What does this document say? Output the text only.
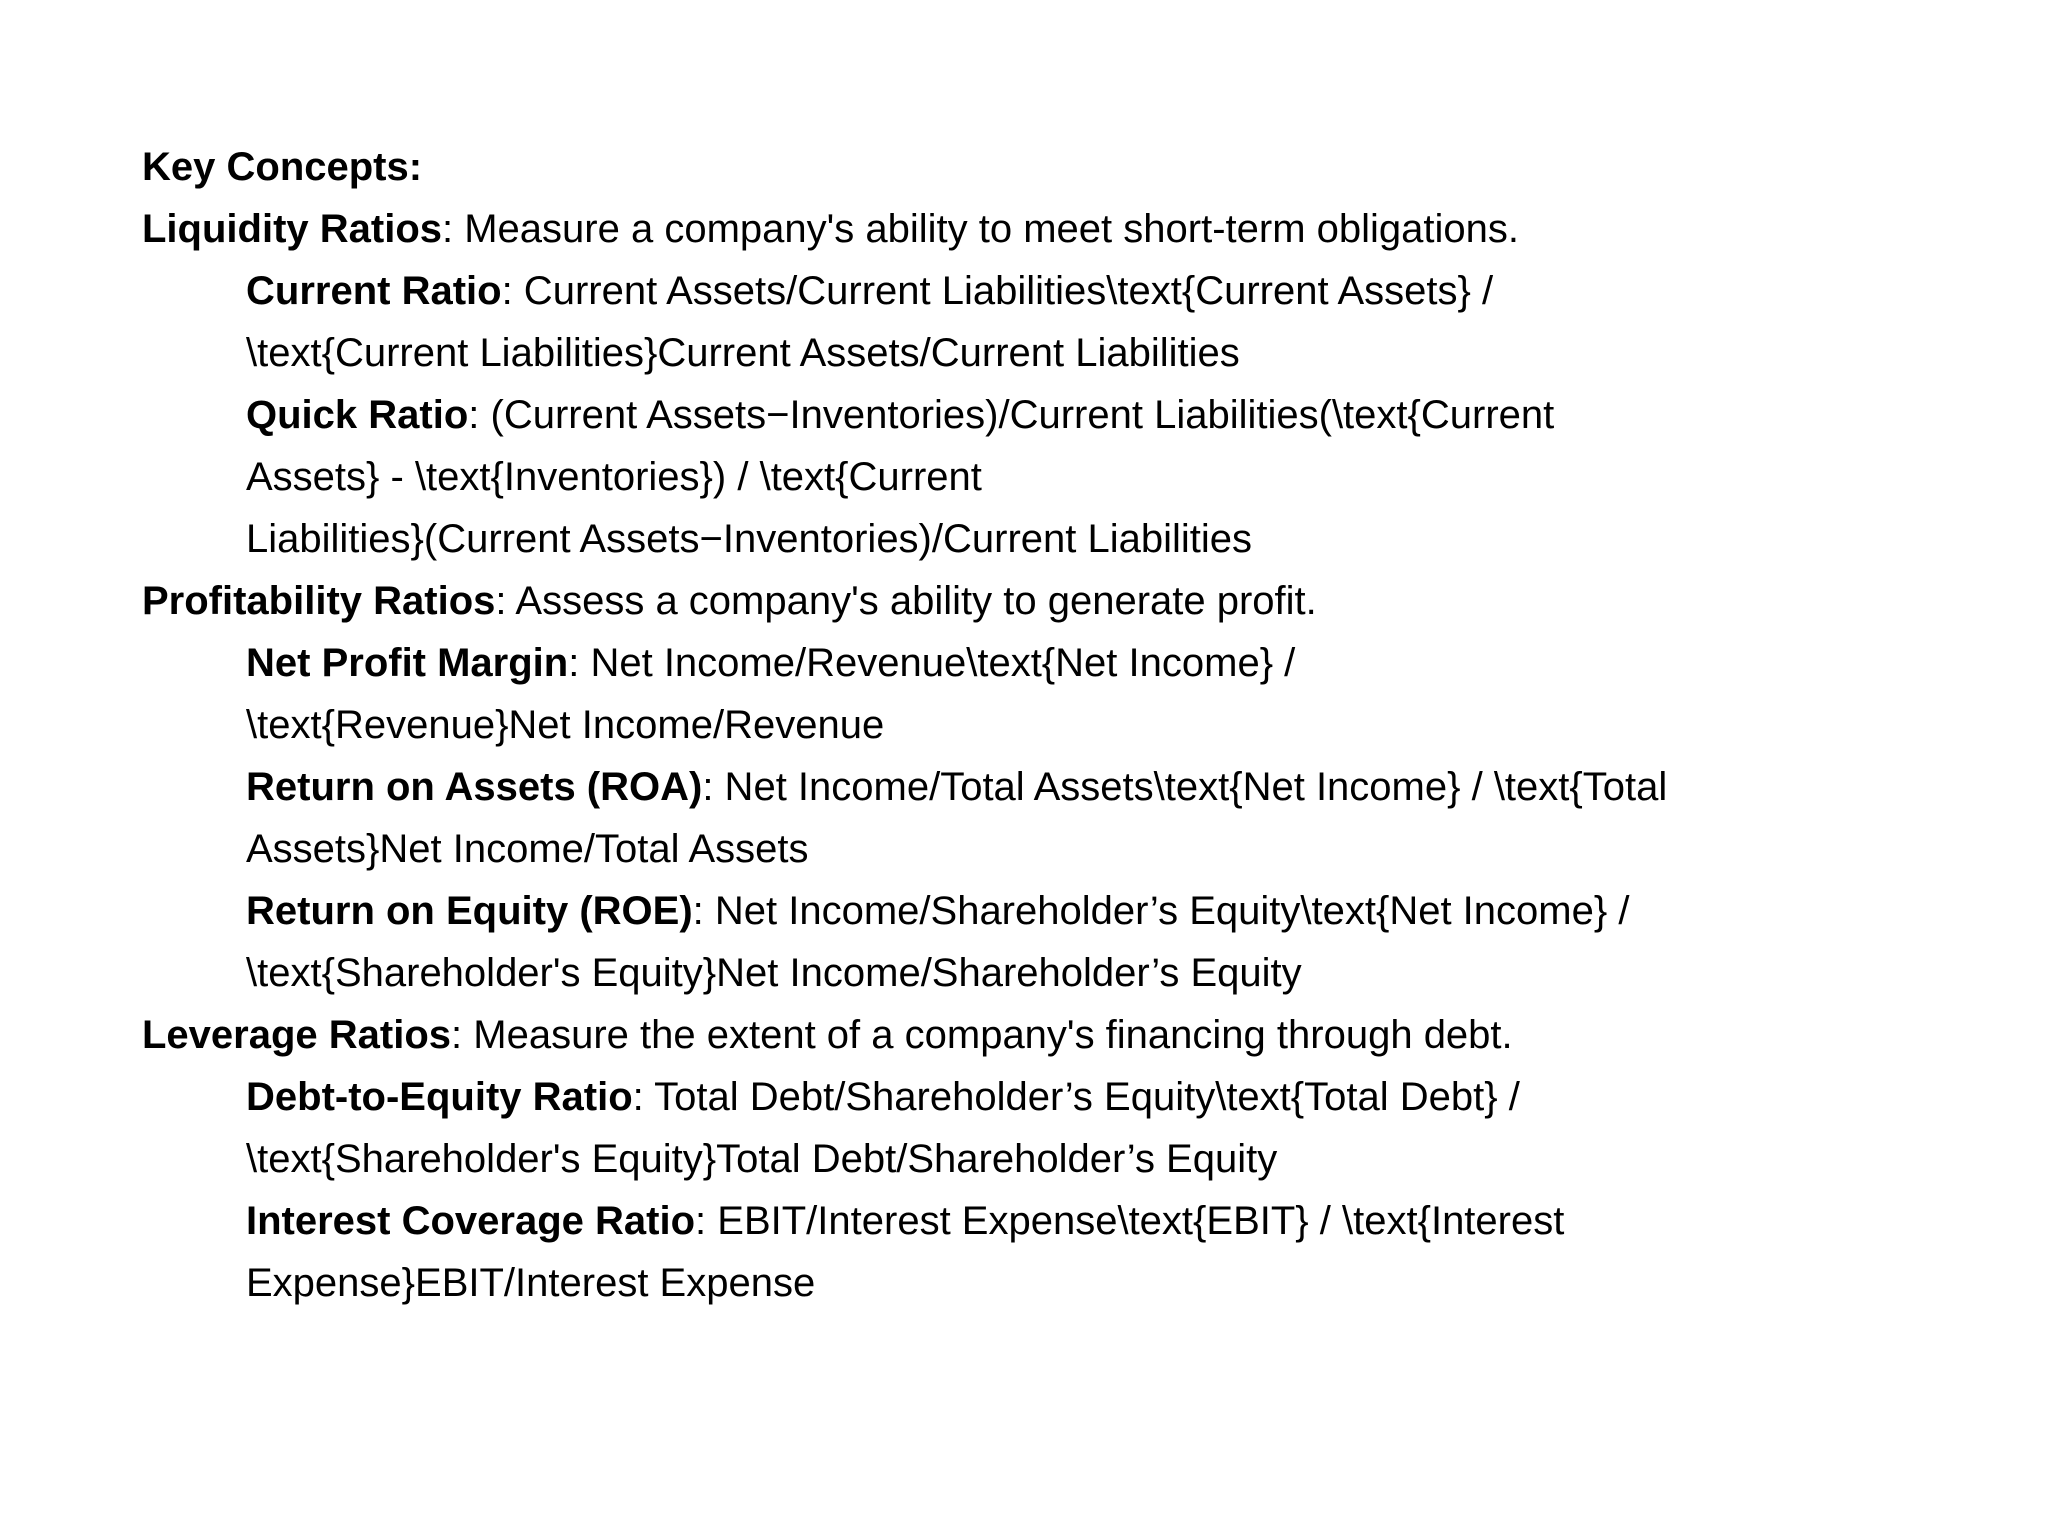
Key Concepts:

Liquidity Ratios: Measure a company's ability to meet short-term obligations.

Current Ratio: Current Assets/Current Liabilities\text{Current Assets} /

\text{Current Liabilities}Current Assets/Current Liabilities

Quick Ratio: (Current Assets−Inventories)/Current Liabilities(\text{Current

Assets} - \text{Inventories}) / \text{Current

Liabilities}(Current Assets−Inventories)/Current Liabilities

Profitability Ratios: Assess a company's ability to generate profit.

Net Profit Margin: Net Income/Revenue\text{Net Income} /

\text{Revenue}Net Income/Revenue

Return on Assets (ROA): Net Income/Total Assets\text{Net Income} / \text{Total

Assets}Net Income/Total Assets

Return on Equity (ROE): Net Income/Shareholder’s Equity\text{Net Income} /

\text{Shareholder's Equity}Net Income/Shareholder’s Equity

Leverage Ratios: Measure the extent of a company's financing through debt.

Debt-to-Equity Ratio: Total Debt/Shareholder’s Equity\text{Total Debt} /

\text{Shareholder's Equity}Total Debt/Shareholder’s Equity

Interest Coverage Ratio: EBIT/Interest Expense\text{EBIT} / \text{Interest

Expense}EBIT/Interest Expense
